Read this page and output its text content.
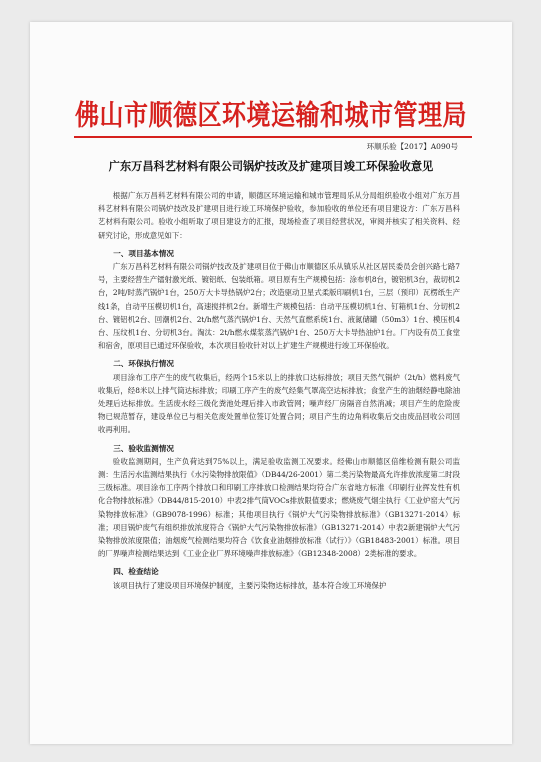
佛山市顺德区环境运输和城市管理局
环顺乐验【2017】A090号
广东万昌科艺材料有限公司锅炉技改及扩建项目竣工环保验收意见

根据广东万昌科艺材料有限公司的申请，顺德区环境运输和城市管理局乐从分局组织验收小组对广东万昌科艺材料有限公司锅炉技改及扩建项目进行竣工环境保护验收，参加验收的单位还有项目建设方：广东万昌科艺材料有限公司。验收小组听取了项目建设方的汇报，现场检查了项目经营状况，审阅并核实了相关资料、经研究讨论，形成意见如下：

一、项目基本情况

广东万昌科艺材料有限公司锅炉技改及扩建项目位于佛山市顺德区乐从镇乐从社区居民委员会创兴路七路7号，主要经营生产镭射激光纸、镀铝纸、包装纸箱。项目原有生产规模包括：涂布机8台，镀铝机3台，裁切机2台，2吨/时蒸汽锅炉1台，250万大卡导热锅炉2台；改造驱动卫星式柔版印刷机1台，三层（预印）瓦楞纸生产线1条，自动平压模切机1台，高速搅拌机2台。新增生产规模包括：自动平压模切机1台、钉箱机1台、分切机2台、镀铝机2台、回潮机2台、2t/h燃气蒸汽锅炉1台、天然气直燃系统1台、液氮储罐（50m3）1台、模压机4台、压纹机1台、分切机3台。淘汰：2t/h燃水煤浆蒸汽锅炉1台、250万大卡导热油炉1台。厂内设有员工食堂和宿舍，原项目已通过环保验收，本次项目验收针对以上扩建生产规模进行竣工环保验收。

二、环保执行情况

项目涂布工序产生的废气收集后，经两个15米以上的排放口达标排放；项目天然气锅炉（2t/h）燃料废气收集后，经8米以上排气筒达标排放；印刷工序产生的废气经集气罩高空达标排放；食堂产生的油烟经静电除油处理后达标排放。生活废水经三级化粪池处理后排入市政管网；噪声经厂房隔音自然消减；项目产生的危险废物已规范暂存，建设单位已与相关危废处置单位签订处置合同；项目产生的边角料收集后交由废品回收公司回收再利用。

三、验收监测情况

验收监测期间，生产负荷达到75%以上，满足验收监测工况要求。经佛山市顺德区倍维检测有限公司监测：生活污水监测结果执行《水污染物排放限值》（DB44/26-2001）第二类污染物最高允许排放浓度第二时段三级标准。项目涂布工序两个排放口和印刷工序排放口检测结果均符合广东省地方标准《印刷行业挥发性有机化合物排放标准》（DB44/815-2010）中表2排气筒VOCs排放限值要求；燃烧废气烟尘执行《工业炉窑大气污染物排放标准》（GB9078-1996）标准；其他项目执行《锅炉大气污染物排放标准》（GB13271-2014）标准；项目锅炉废气有组织排放浓度符合《锅炉大气污染物排放标准》（GB13271-2014）中表2新建锅炉大气污染物排放浓度限值；油烟废气检测结果均符合《饮食业油烟排放标准（试行）》（GB18483-2001）标准。项目的厂界噪声检测结果达到《工业企业厂界环境噪声排放标准》（GB12348-2008）2类标准的要求。

四、检查结论

该项目执行了建设项目环境保护制度，主要污染物达标排放，基本符合竣工环境保护
